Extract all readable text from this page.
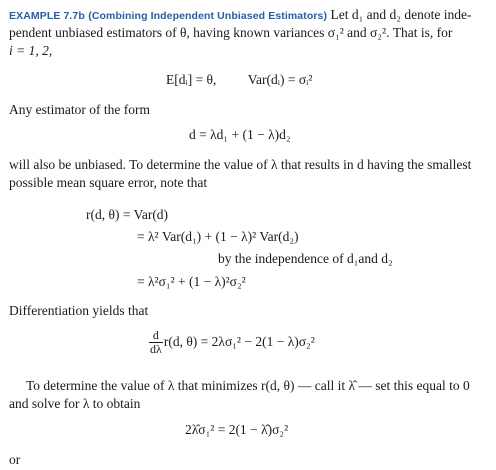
EXAMPLE 7.7b (Combining Independent Unbiased Estimators) Let d₁ and d₂ denote inde-
pendent unbiased estimators of θ, having known variances σ₁² and σ₂². That is, for
i = 1, 2,
E[dᵢ] = θ, Var(dᵢ) = σᵢ²
Any estimator of the form
d = λd₁ + (1 − λ)d₂
will also be unbiased. To determine the value of λ that results in d having the smallest
possible mean square error, note that
r(d, θ) = Var(d)
= λ² Var(d₁) + (1 − λ)² Var(d₂)
by the independence of d₁and d₂
= λ²σ₁² + (1 − λ)²σ₂²
Differentiation yields that
$\frac{d}{d\lambda} r(d$, θ) = 2λσ₁² − 2(1 − λ)σ₂²
To determine the value of λ that minimizes r(d, θ) — call it λ̂ — set this equal to 0
and solve for λ to obtain
2λ̂σ₁² = 2(1 − λ̂)σ₂²
or
